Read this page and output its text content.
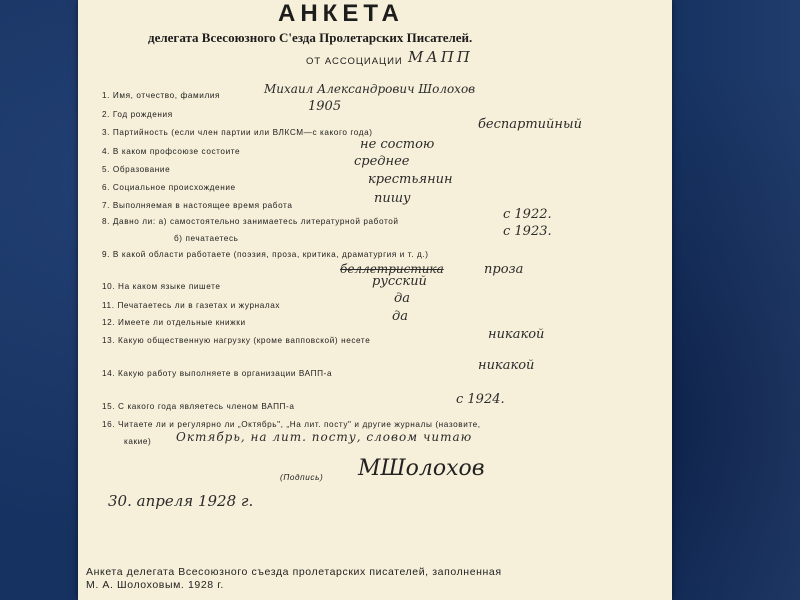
АНКЕТА
делегата Всесоюзного С'езда Пролетарских Писателей.
ОТ АССОЦИАЦИИ МАПП
1. Имя, отчество, фамилия	Михаил Александрович Шолохов
2. Год рождения
1905
3. Партийность (если член партии или ВЛКСМ—с какого года)
беспартийный
4. В каком профсоюзе состоите	не состою
5. Образование
среднее
6. Социальное происхождение
крестьянин
7. Выполняемая в настоящее время работа	пишу
8. Давно ли: а) самостоятельно занимаетесь литературной работой	с 1922.
б) печатаетесь	с 1923.
9. В какой области работаете (поэзия, проза, критика, драматургия и т. д.)
беллетристика	проза
10. На каком языке пишете	русский
11. Печатаетесь ли в газетах и журналах	да
12. Имеете ли отдельные книжки	да
13. Какую общественную нагрузку (кроме вапповской) несете	никакой
14. Какую работу выполняете в организации ВАПП-а
никакой
15. С какого года являетесь членом ВАПП-а	с 1924.
16. Читаете ли и регулярно ли „Октябрь", „На лит. посту" и другие журналы (назовите,
какие) Октябрь, на лит. посту, словом читаю
(Подпись) МШолохов
30. апреля 1928 г.
Анкета делегата Всесоюзного съезда пролетарских писателей, заполненная
М. А. Шолоховым. 1928 г.
